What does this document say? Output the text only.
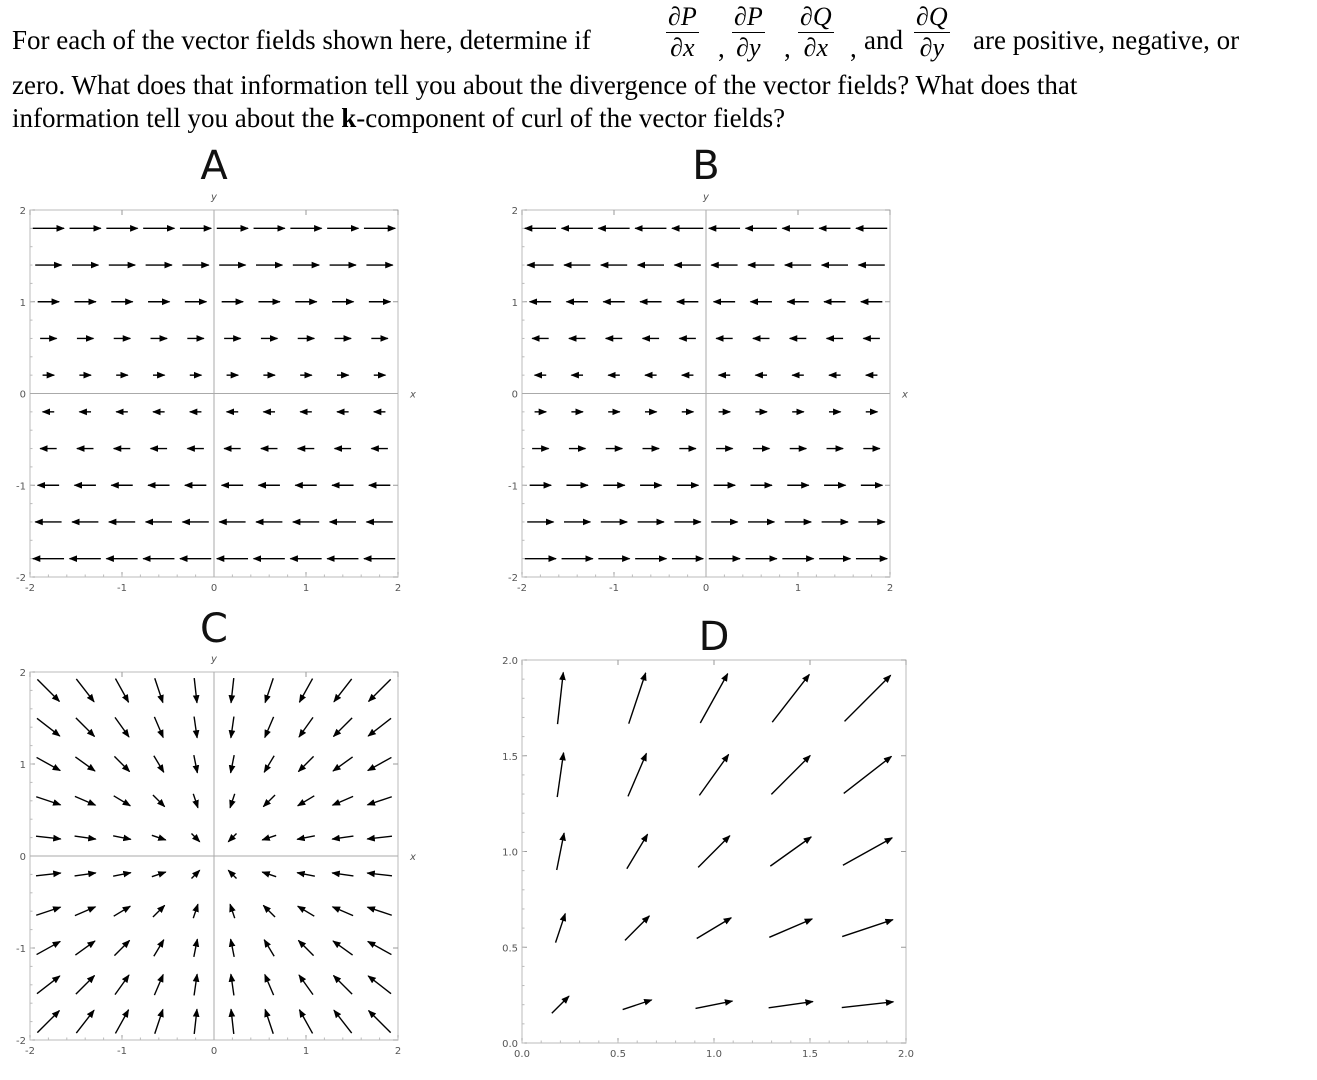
For each of the vector fields shown here, determine if	$\frac{\partial P}{\partial x}$ , $\frac{\partial P}{\partial y}$ , $\frac{\partial Q}{\partial x}$ , and $\frac{\partial Q}{\partial y}$ are positive, negative, or
zero. What does that information tell you about the divergence of the vector fields? What does that
information tell you about the k-component of curl of the vector fields?
A	B
C	D
-2	-1	0	1	2
2
1
0
-1
-2
x
y
-2	-1	0	1	2
2
1
0
-1
-2
x
y
-2	-1	0	1	2
2
1
0
-1
-2
x
y
0.0	0.5	1.0	1.5	2.0
2.0
1.5
1.0
0.5
0.0
